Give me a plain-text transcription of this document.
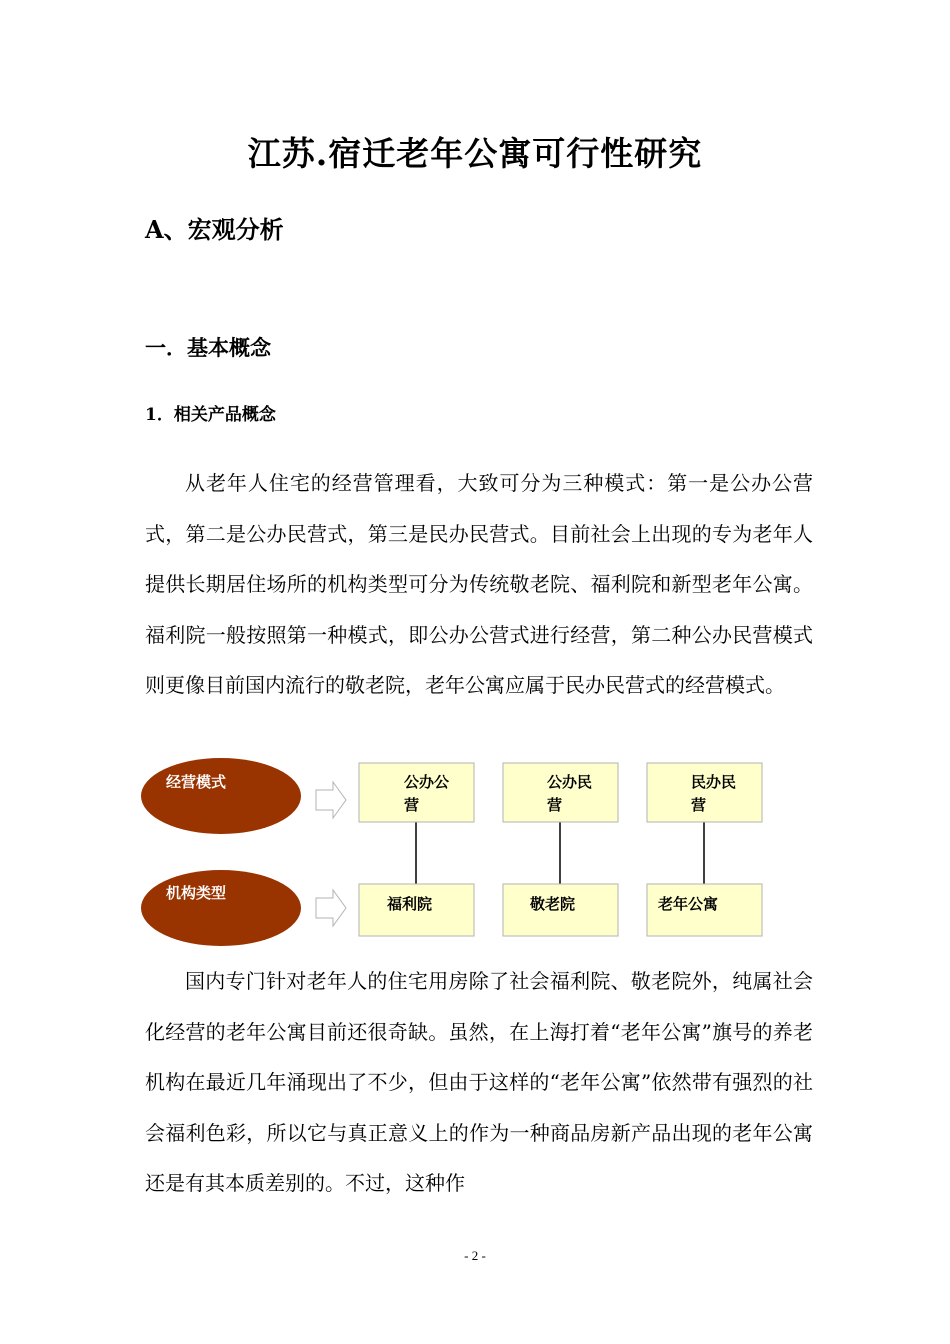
江苏.宿迁老年公寓可行性研究
A、宏观分析
一．基本概念
1．相关产品概念

从老年人住宅的经营管理看，大致可分为三种模式：第一是公办公营式，第二是公办民营式，第三是民办民营式。目前社会上出现的专为老年人提供长期居住场所的机构类型可分为传统敬老院、福利院和新型老年公寓。福利院一般按照第一种模式，即公办公营式进行经营，第二种公办民营模式则更像目前国内流行的敬老院，老年公寓应属于民办民营式的经营模式。

经营模式
机构类型
公办公
营
公办民
营
民办民
营
福利院	敬老院	老年公寓

国内专门针对老年人的住宅用房除了社会福利院、敬老院外，纯属社会化经营的老年公寓目前还很奇缺。虽然，在上海打着“老年公寓”旗号的养老机构在最近几年涌现出了不少，但由于这样的“老年公寓”依然带有强烈的社会福利色彩，所以它与真正意义上的作为一种商品房新产品出现的老年公寓还是有其本质差别的。不过，这种作

- 2 -
